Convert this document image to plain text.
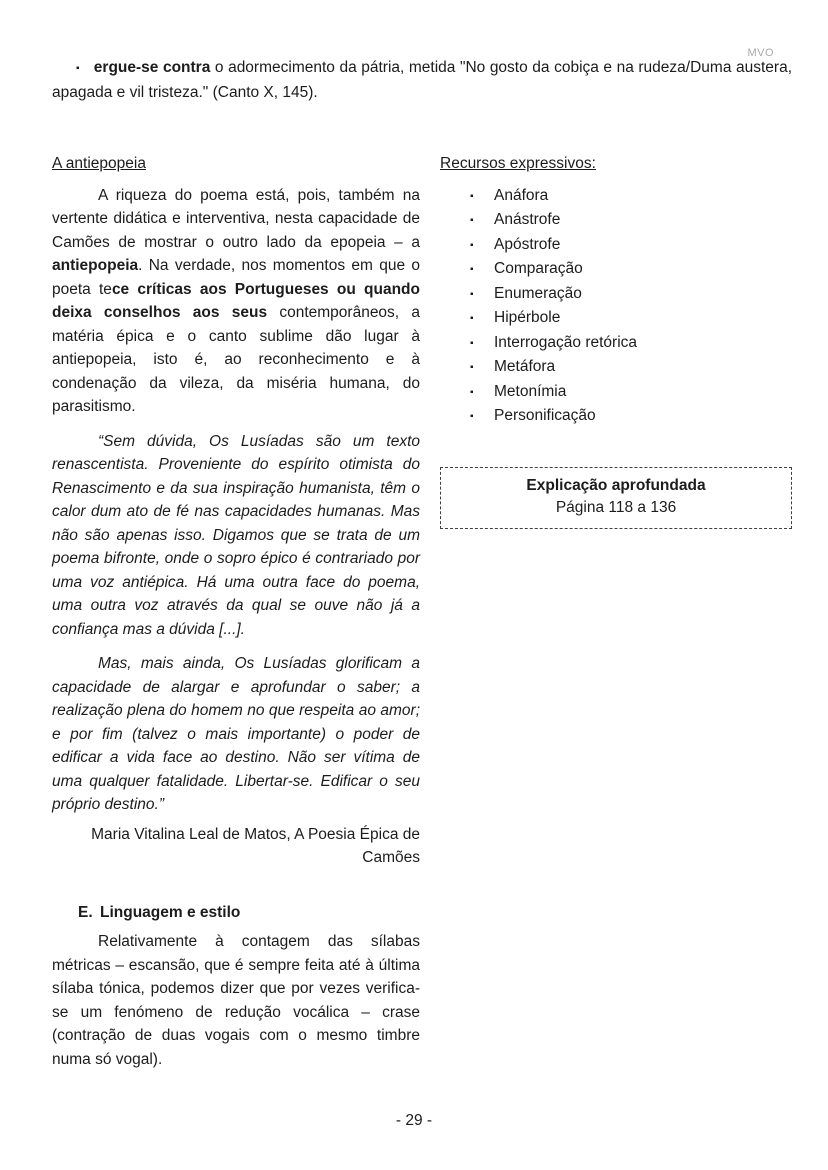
MVO

▪ ergue-se contra o adormecimento da pátria, metida "No gosto da cobiça e na rudeza/Duma austera, apagada e vil tristeza." (Canto X, 145).

A antiepopeia

A riqueza do poema está, pois, também na vertente didática e interventiva, nesta capacidade de Camões de mostrar o outro lado da epopeia – a antiepopeia. Na verdade, nos momentos em que o poeta tece críticas aos Portugueses ou quando deixa conselhos aos seus contemporâneos, a matéria épica e o canto sublime dão lugar à antiepopeia, isto é, ao reconhecimento e à condenação da vileza, da miséria humana, do parasitismo.

“Sem dúvida, Os Lusíadas são um texto renascentista. Proveniente do espírito otimista do Renascimento e da sua inspiração humanista, têm o calor dum ato de fé nas capacidades humanas. Mas não são apenas isso. Digamos que se trata de um poema bifronte, onde o sopro épico é contrariado por uma voz antiépica. Há uma outra face do poema, uma outra voz através da qual se ouve não já a confiança mas a dúvida [...].

Mas, mais ainda, Os Lusíadas glorificam a capacidade de alargar e aprofundar o saber; a realização plena do homem no que respeita ao amor; e por fim (talvez o mais importante) o poder de edificar a vida face ao destino. Não ser vítima de uma qualquer fatalidade. Libertar-se. Edificar o seu próprio destino.”

Maria Vitalina Leal de Matos, A Poesia Épica de Camões

E. Linguagem e estilo

Relativamente à contagem das sílabas métricas – escansão, que é sempre feita até à última sílaba tónica, podemos dizer que por vezes verifica-se um fenómeno de redução vocálica – crase (contração de duas vogais com o mesmo timbre numa só vogal).

Recursos expressivos:
▪ Anáfora
▪ Anástrofe
▪ Apóstrofe
▪ Comparação
▪ Enumeração
▪ Hipérbole
▪ Interrogação retórica
▪ Metáfora
▪ Metonímia
▪ Personificação
Explicação aprofundada
Página 118 a 136
- 29 -
